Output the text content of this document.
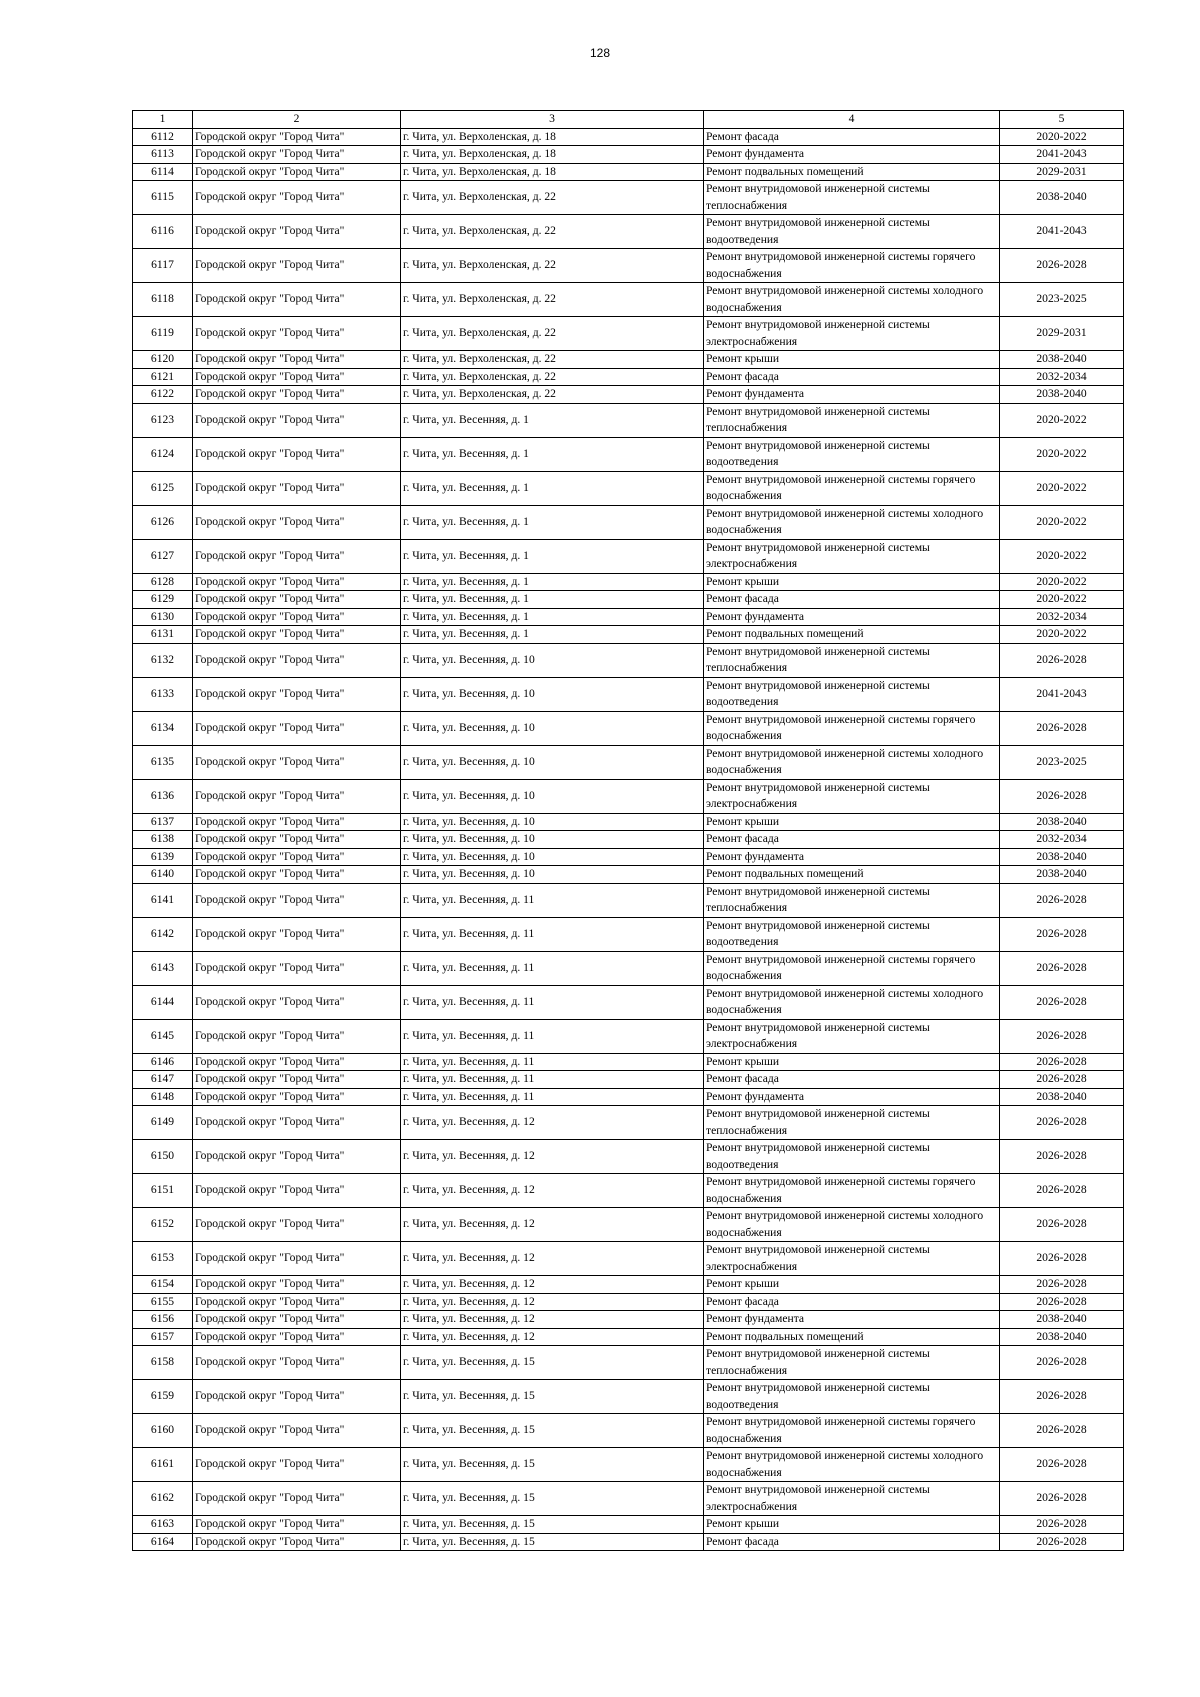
128
1	2	3	4	5
6112	Городской округ "Город Чита"	г. Чита, ул. Верхоленская, д. 18	Ремонт фасада	2020-2022
6113	Городской округ "Город Чита"	г. Чита, ул. Верхоленская, д. 18	Ремонт фундамента	2041-2043
6114	Городской округ "Город Чита"	г. Чита, ул. Верхоленская, д. 18	Ремонт подвальных помещений	2029-2031
6115	Городской округ "Город Чита"	г. Чита, ул. Верхоленская, д. 22	Ремонт внутридомовой инженерной системы теплоснабжения	2038-2040
6116	Городской округ "Город Чита"	г. Чита, ул. Верхоленская, д. 22	Ремонт внутридомовой инженерной системы водоотведения	2041-2043
6117	Городской округ "Город Чита"	г. Чита, ул. Верхоленская, д. 22	Ремонт внутридомовой инженерной системы горячего водоснабжения	2026-2028
6118	Городской округ "Город Чита"	г. Чита, ул. Верхоленская, д. 22	Ремонт внутридомовой инженерной системы холодного водоснабжения	2023-2025
6119	Городской округ "Город Чита"	г. Чита, ул. Верхоленская, д. 22	Ремонт внутридомовой инженерной системы электроснабжения	2029-2031
6120	Городской округ "Город Чита"	г. Чита, ул. Верхоленская, д. 22	Ремонт крыши	2038-2040
6121	Городской округ "Город Чита"	г. Чита, ул. Верхоленская, д. 22	Ремонт фасада	2032-2034
6122	Городской округ "Город Чита"	г. Чита, ул. Верхоленская, д. 22	Ремонт фундамента	2038-2040
6123	Городской округ "Город Чита"	г. Чита, ул. Весенняя, д. 1	Ремонт внутридомовой инженерной системы теплоснабжения	2020-2022
6124	Городской округ "Город Чита"	г. Чита, ул. Весенняя, д. 1	Ремонт внутридомовой инженерной системы водоотведения	2020-2022
6125	Городской округ "Город Чита"	г. Чита, ул. Весенняя, д. 1	Ремонт внутридомовой инженерной системы горячего водоснабжения	2020-2022
6126	Городской округ "Город Чита"	г. Чита, ул. Весенняя, д. 1	Ремонт внутридомовой инженерной системы холодного водоснабжения	2020-2022
6127	Городской округ "Город Чита"	г. Чита, ул. Весенняя, д. 1	Ремонт внутридомовой инженерной системы электроснабжения	2020-2022
6128	Городской округ "Город Чита"	г. Чита, ул. Весенняя, д. 1	Ремонт крыши	2020-2022
6129	Городской округ "Город Чита"	г. Чита, ул. Весенняя, д. 1	Ремонт фасада	2020-2022
6130	Городской округ "Город Чита"	г. Чита, ул. Весенняя, д. 1	Ремонт фундамента	2032-2034
6131	Городской округ "Город Чита"	г. Чита, ул. Весенняя, д. 1	Ремонт подвальных помещений	2020-2022
6132	Городской округ "Город Чита"	г. Чита, ул. Весенняя, д. 10	Ремонт внутридомовой инженерной системы теплоснабжения	2026-2028
6133	Городской округ "Город Чита"	г. Чита, ул. Весенняя, д. 10	Ремонт внутридомовой инженерной системы водоотведения	2041-2043
6134	Городской округ "Город Чита"	г. Чита, ул. Весенняя, д. 10	Ремонт внутридомовой инженерной системы горячего водоснабжения	2026-2028
6135	Городской округ "Город Чита"	г. Чита, ул. Весенняя, д. 10	Ремонт внутридомовой инженерной системы холодного водоснабжения	2023-2025
6136	Городской округ "Город Чита"	г. Чита, ул. Весенняя, д. 10	Ремонт внутридомовой инженерной системы электроснабжения	2026-2028
6137	Городской округ "Город Чита"	г. Чита, ул. Весенняя, д. 10	Ремонт крыши	2038-2040
6138	Городской округ "Город Чита"	г. Чита, ул. Весенняя, д. 10	Ремонт фасада	2032-2034
6139	Городской округ "Город Чита"	г. Чита, ул. Весенняя, д. 10	Ремонт фундамента	2038-2040
6140	Городской округ "Город Чита"	г. Чита, ул. Весенняя, д. 10	Ремонт подвальных помещений	2038-2040
6141	Городской округ "Город Чита"	г. Чита, ул. Весенняя, д. 11	Ремонт внутридомовой инженерной системы теплоснабжения	2026-2028
6142	Городской округ "Город Чита"	г. Чита, ул. Весенняя, д. 11	Ремонт внутридомовой инженерной системы водоотведения	2026-2028
6143	Городской округ "Город Чита"	г. Чита, ул. Весенняя, д. 11	Ремонт внутридомовой инженерной системы горячего водоснабжения	2026-2028
6144	Городской округ "Город Чита"	г. Чита, ул. Весенняя, д. 11	Ремонт внутридомовой инженерной системы холодного водоснабжения	2026-2028
6145	Городской округ "Город Чита"	г. Чита, ул. Весенняя, д. 11	Ремонт внутридомовой инженерной системы электроснабжения	2026-2028
6146	Городской округ "Город Чита"	г. Чита, ул. Весенняя, д. 11	Ремонт крыши	2026-2028
6147	Городской округ "Город Чита"	г. Чита, ул. Весенняя, д. 11	Ремонт фасада	2026-2028
6148	Городской округ "Город Чита"	г. Чита, ул. Весенняя, д. 11	Ремонт фундамента	2038-2040
6149	Городской округ "Город Чита"	г. Чита, ул. Весенняя, д. 12	Ремонт внутридомовой инженерной системы теплоснабжения	2026-2028
6150	Городской округ "Город Чита"	г. Чита, ул. Весенняя, д. 12	Ремонт внутридомовой инженерной системы водоотведения	2026-2028
6151	Городской округ "Город Чита"	г. Чита, ул. Весенняя, д. 12	Ремонт внутридомовой инженерной системы горячего водоснабжения	2026-2028
6152	Городской округ "Город Чита"	г. Чита, ул. Весенняя, д. 12	Ремонт внутридомовой инженерной системы холодного водоснабжения	2026-2028
6153	Городской округ "Город Чита"	г. Чита, ул. Весенняя, д. 12	Ремонт внутридомовой инженерной системы электроснабжения	2026-2028
6154	Городской округ "Город Чита"	г. Чита, ул. Весенняя, д. 12	Ремонт крыши	2026-2028
6155	Городской округ "Город Чита"	г. Чита, ул. Весенняя, д. 12	Ремонт фасада	2026-2028
6156	Городской округ "Город Чита"	г. Чита, ул. Весенняя, д. 12	Ремонт фундамента	2038-2040
6157	Городской округ "Город Чита"	г. Чита, ул. Весенняя, д. 12	Ремонт подвальных помещений	2038-2040
6158	Городской округ "Город Чита"	г. Чита, ул. Весенняя, д. 15	Ремонт внутридомовой инженерной системы теплоснабжения	2026-2028
6159	Городской округ "Город Чита"	г. Чита, ул. Весенняя, д. 15	Ремонт внутридомовой инженерной системы водоотведения	2026-2028
6160	Городской округ "Город Чита"	г. Чита, ул. Весенняя, д. 15	Ремонт внутридомовой инженерной системы горячего водоснабжения	2026-2028
6161	Городской округ "Город Чита"	г. Чита, ул. Весенняя, д. 15	Ремонт внутридомовой инженерной системы холодного водоснабжения	2026-2028
6162	Городской округ "Город Чита"	г. Чита, ул. Весенняя, д. 15	Ремонт внутридомовой инженерной системы электроснабжения	2026-2028
6163	Городской округ "Город Чита"	г. Чита, ул. Весенняя, д. 15	Ремонт крыши	2026-2028
6164	Городской округ "Город Чита"	г. Чита, ул. Весенняя, д. 15	Ремонт фасада	2026-2028
